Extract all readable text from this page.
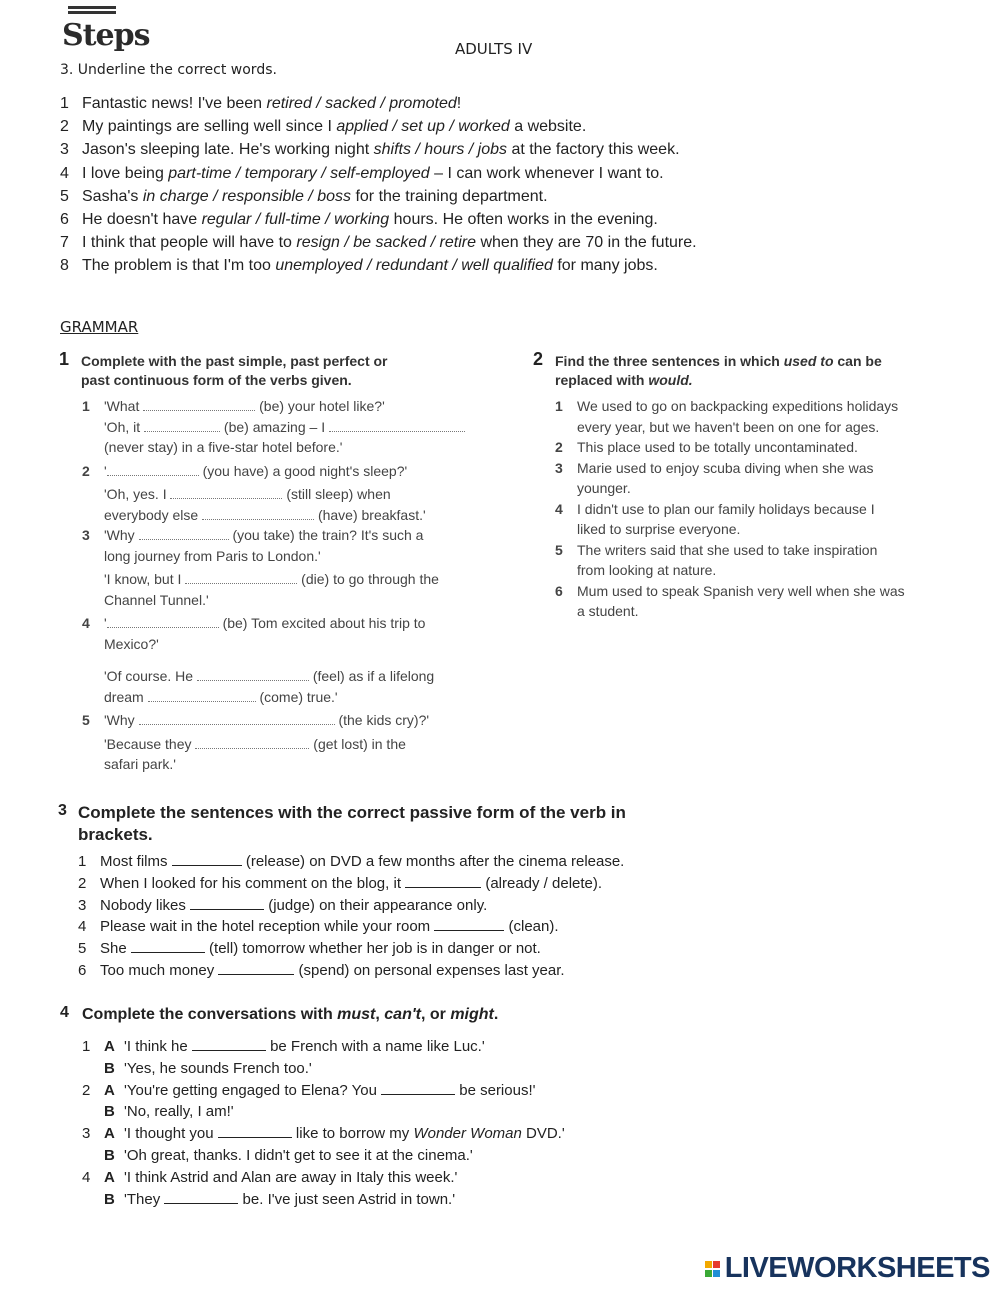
Steps	ADULTS IV
3. Underline the correct words.
1 Fantastic news! I've been retired / sacked / promoted!
2 My paintings are selling well since I applied / set up / worked a website.
3 Jason's sleeping late. He's working night shifts / hours / jobs at the factory this week.
4 I love being part-time / temporary / self-employed – I can work whenever I want to.
5 Sasha's in charge / responsible / boss for the training department.
6 He doesn't have regular / full-time / working hours. He often works in the evening.
7 I think that people will have to resign / be sacked / retire when they are 70 in the future.
8 The problem is that I'm too unemployed / redundant / well qualified for many jobs.
GRAMMAR
1 Complete with the past simple, past perfect or
past continuous form of the verbs given.
1 'What	(be) your hotel like?'
'Oh, it	(be) amazing – I
(never stay) in a five-star hotel before.'
2 '	(you have) a good night's sleep?'
'Oh, yes. I	(still sleep) when
everybody else	(have) breakfast.'
3 'Why	(you take) the train? It's such a
long journey from Paris to London.'
'I know, but I	(die) to go through the
Channel Tunnel.'
4 '	(be) Tom excited about his trip to
Mexico?'
'Of course. He	(feel) as if a lifelong
dream	(come) true.'
5 'Why	(the kids cry)?'
'Because they	(get lost) in the
safari park.'
2 Find the three sentences in which used to can be
replaced with would.
1 We used to go on backpacking expeditions holidays
every year, but we haven't been on one for ages.
2 This place used to be totally uncontaminated.
3 Marie used to enjoy scuba diving when she was
younger.
4 I didn't use to plan our family holidays because I
liked to surprise everyone.
5 The writers said that she used to take inspiration
from looking at nature.
6 Mum used to speak Spanish very well when she was
a student.
3 Complete the sentences with the correct passive form of the verb in
brackets.
1 Most films	(release) on DVD a few months after the cinema release.
2 When I looked for his comment on the blog, it	(already / delete).
3 Nobody likes	(judge) on their appearance only.
4 Please wait in the hotel reception while your room	(clean).
5 She	(tell) tomorrow whether her job is in danger or not.
6 Too much money	(spend) on personal expenses last year.
4 Complete the conversations with must, can't, or might.
1 A 'I think he	be French with a name like Luc.'
B 'Yes, he sounds French too.'
2 A 'You're getting engaged to Elena? You	be serious!'
B 'No, really, I am!'
3 A 'I thought you	like to borrow my Wonder Woman DVD.'
B 'Oh great, thanks. I didn't get to see it at the cinema.'
4 A 'I think Astrid and Alan are away in Italy this week.'
B 'They	be. I've just seen Astrid in town.'
LIVEWORKSHEETS
